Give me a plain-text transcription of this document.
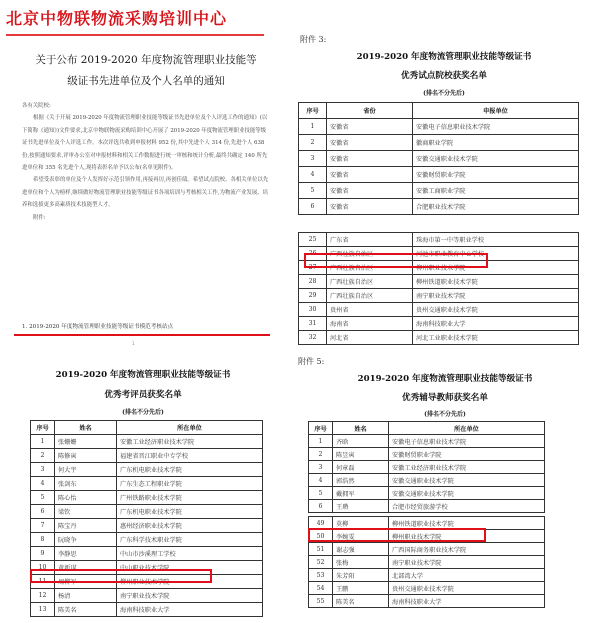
北京中物联物流采购培训中心
关于公布 2019-2020 年度物流管理职业技能等
级证书先进单位及个人名单的通知

各有关院校:

根据《关于开展 2019-2020 年度物流管理职业技能等级证书先进单位及个人评选工作的通知》(以下简称《通知》)文件要求,北京中物联物流采购培训中心开展了 2019-2020 年度物流管理职业技能等级证书先进单位及个人评选工作。本次评选共收到申报材料 952 份,其中先进个人 314 份,先进个人 638 份,按照通知要求,评审办公室对申报材料和相关工作数据进行统一审核和统计分析,最终共确定 140 所先进单位和 355 名先进个人,现将表彰名单予以公布(名单见附件)。

希望受表彰的单位及个人发挥好示范引领作用,再接再厉,再创佳绩。希望试点院校、各相关单位以先进单位和个人为榜样,继续做好物流管理职业技能等级证书各项培训与考核相关工作,为物流产业发展、培养和选拔更多高素质技术技能型人才。

附件:

1. 2019-2020 年度物流管理职业技能等级证书模范考核站点
1
附件 3:
2019-2020 年度物流管理职业技能等级证书
优秀试点院校获奖名单
(排名不分先后)
序号	省份	申报单位
1	安徽省	安徽电子信息职业技术学院
2	安徽省	徽商职业学院
3	安徽省	安徽交通职业技术学院
4	安徽省	安徽财贸职业学院
5	安徽省	安徽工商职业学院
6	安徽省	合肥职业技术学院
25	广东省	珠海市第一中等职业学校
26	广西壮族自治区	河池市职业教育中心学校
27	广西壮族自治区	柳州职业技术学院
28	广西壮族自治区	柳州铁道职业技术学院
29	广西壮族自治区	南宁职业技术学院
30	贵州省	贵州交通职业技术学院
31	海南省	海南科技职业大学
32	河北省	河北工业职业技术学院
2019-2020 年度物流管理职业技能等级证书
优秀考评员获奖名单
(排名不分先后)
序号	姓名	所在单位
1	张姗姗	安徽工业经济职业技术学院
2	陈修寅	福建省晋江职业中专学校
3	何大宇	广东机电职业技术学院
4	张剑东	广东生态工程职业学院
5	陈心怡	广州铁路职业技术学院
6	梁钦	广东机电职业技术学院
7	陈宝丹	惠州经济职业技术学院
8	阮晓争	广东科学技术职业学院
9	李静思	中山市沙溪理工学校
10	黄新谋	中山职业技术学院
11	周柳军	柳州职业技术学院
12	杨清	南宁职业技术学院
13	陈美名	海南科技职业大学
附件 5:
2019-2020 年度物流管理职业技能等级证书
优秀辅导教师获奖名单
(排名不分先后)
序号	姓名	所在单位
1	齐晗	安徽电子信息职业技术学院
2	陈昱寅	安徽财贸职业学院
3	何章磊	安徽工业经济职业技术学院
4	郭浩然	安徽交通职业技术学院
5	戴拥军	安徽交通职业技术学院
6	王瓒	合肥市经贸旅游学校
49	莫柳	柳州铁道职业技术学院
50	李婉雯	柳州职业技术学院
51	谢志强	广西国际商务职业技术学院
52	张梅	南宁职业技术学院
53	朱芳阳	北部湾大学
54	王鹏	贵州交通职业技术学院
55	陈美名	海南科技职业大学
